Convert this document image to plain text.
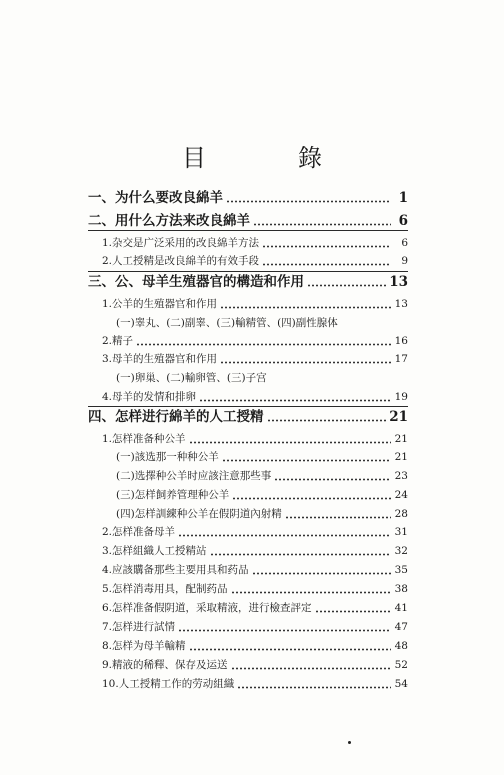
目　錄
一、为什么要改良綿羊	1
二、用什么方法来改良綿羊	6
1.杂交是广泛采用的改良綿羊方法	6
2.人工授精是改良綿羊的有效手段	9
三、公、母羊生殖器官的構造和作用	13
1.公羊的生殖器官和作用	13
(一)睾丸、(二)副睾、(三)輸精管、(四)副性腺体
2.精子	16
3.母羊的生殖器官和作用	17
(一)卵巢、(二)輸卵管、(三)子宫
4.母羊的发情和排卵	19
四、怎样进行綿羊的人工授精	21
1.怎样准备种公羊	21
(一)該选那一种种公羊	21
(二)选擇种公羊时应該注意那些事	23
(三)怎样飼养管理种公羊	24
(四)怎样訓練种公羊在假阴道內射精	28
2.怎样准备母羊	31
3.怎样組織人工授精站	32
4.应該購备那些主要用具和药品	35
5.怎样消毒用具，配制药品	38
6.怎样准备假阴道，采取精液，进行檢查評定	41
7.怎样进行試情	47
8.怎样为母羊輸精	48
9.精液的稀釋、保存及运送	52
10.人工授精工作的劳动組織	54
